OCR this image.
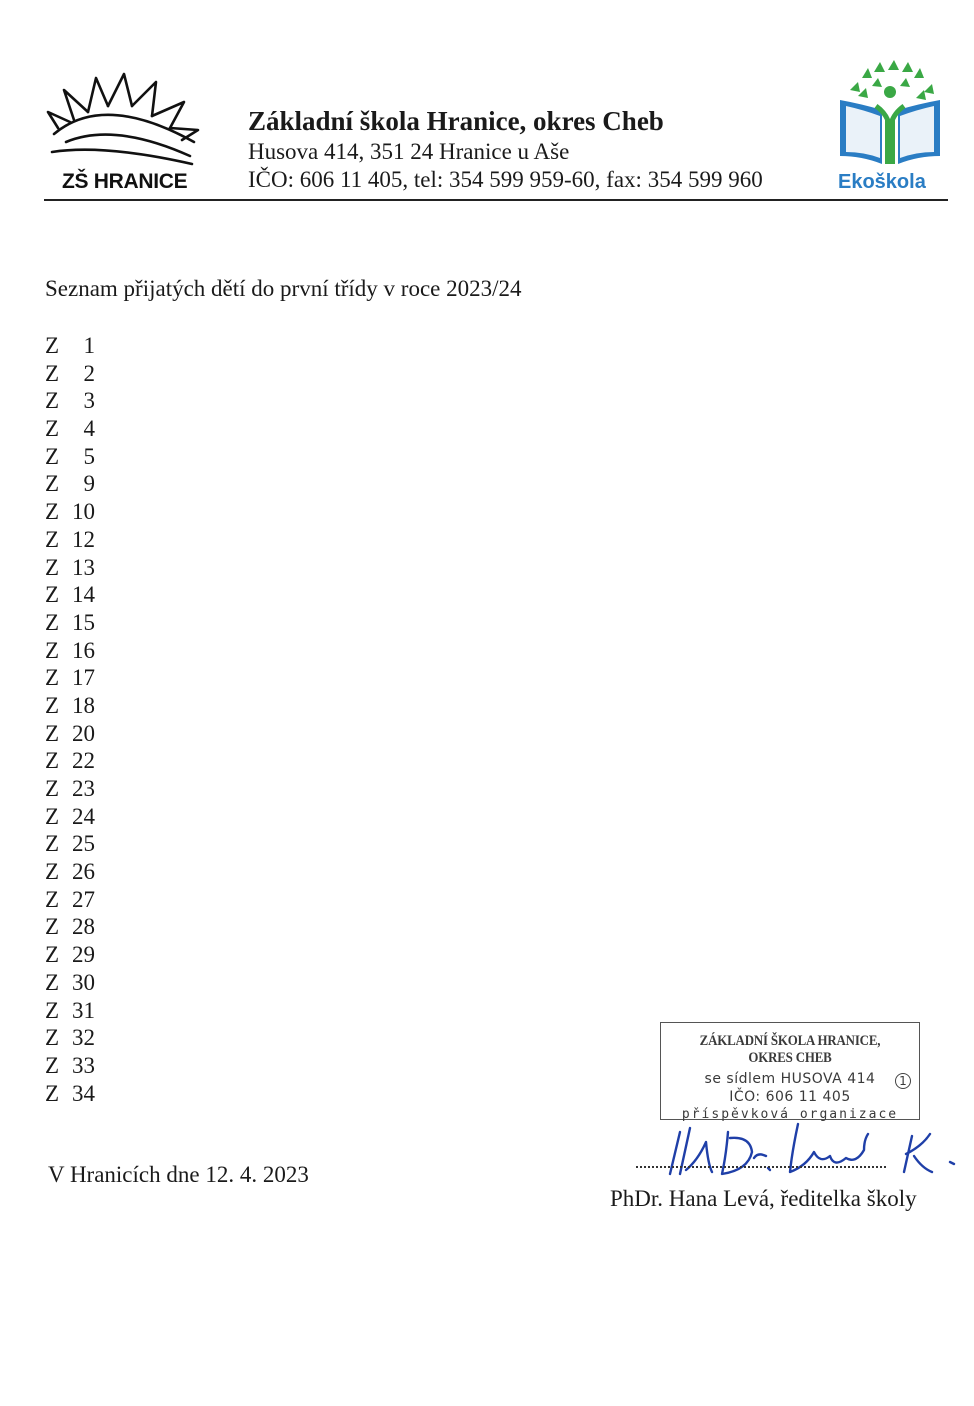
ZŠ HRANICE
Základní škola Hranice, okres Cheb
Husova 414, 351 24 Hranice u Aše
IČO: 606 11 405, tel: 354 599 959-60, fax: 354 599 960	Ekoškola
Seznam přijatých dětí do první třídy v roce 2023/24
Z 1
Z 2
Z 3
Z 4
Z 5
Z 9
Z 10
Z 12
Z 13
Z 14
Z 15
Z 16
Z 17
Z 18
Z 20
Z 22
Z 23
Z 24
Z 25
Z 26
Z 27
Z 28
Z 29
Z 30
Z 31
Z 32
Z 33
Z 34
V Hranicích dne 12. 4. 2023
ZÁKLADNÍ ŠKOLA HRANICE, OKRES CHEB
se sídlem HUSOVA 414
IČO: 606 11 405
příspěvková organizace
1
PhDr. Hana Levá, ředitelka školy
